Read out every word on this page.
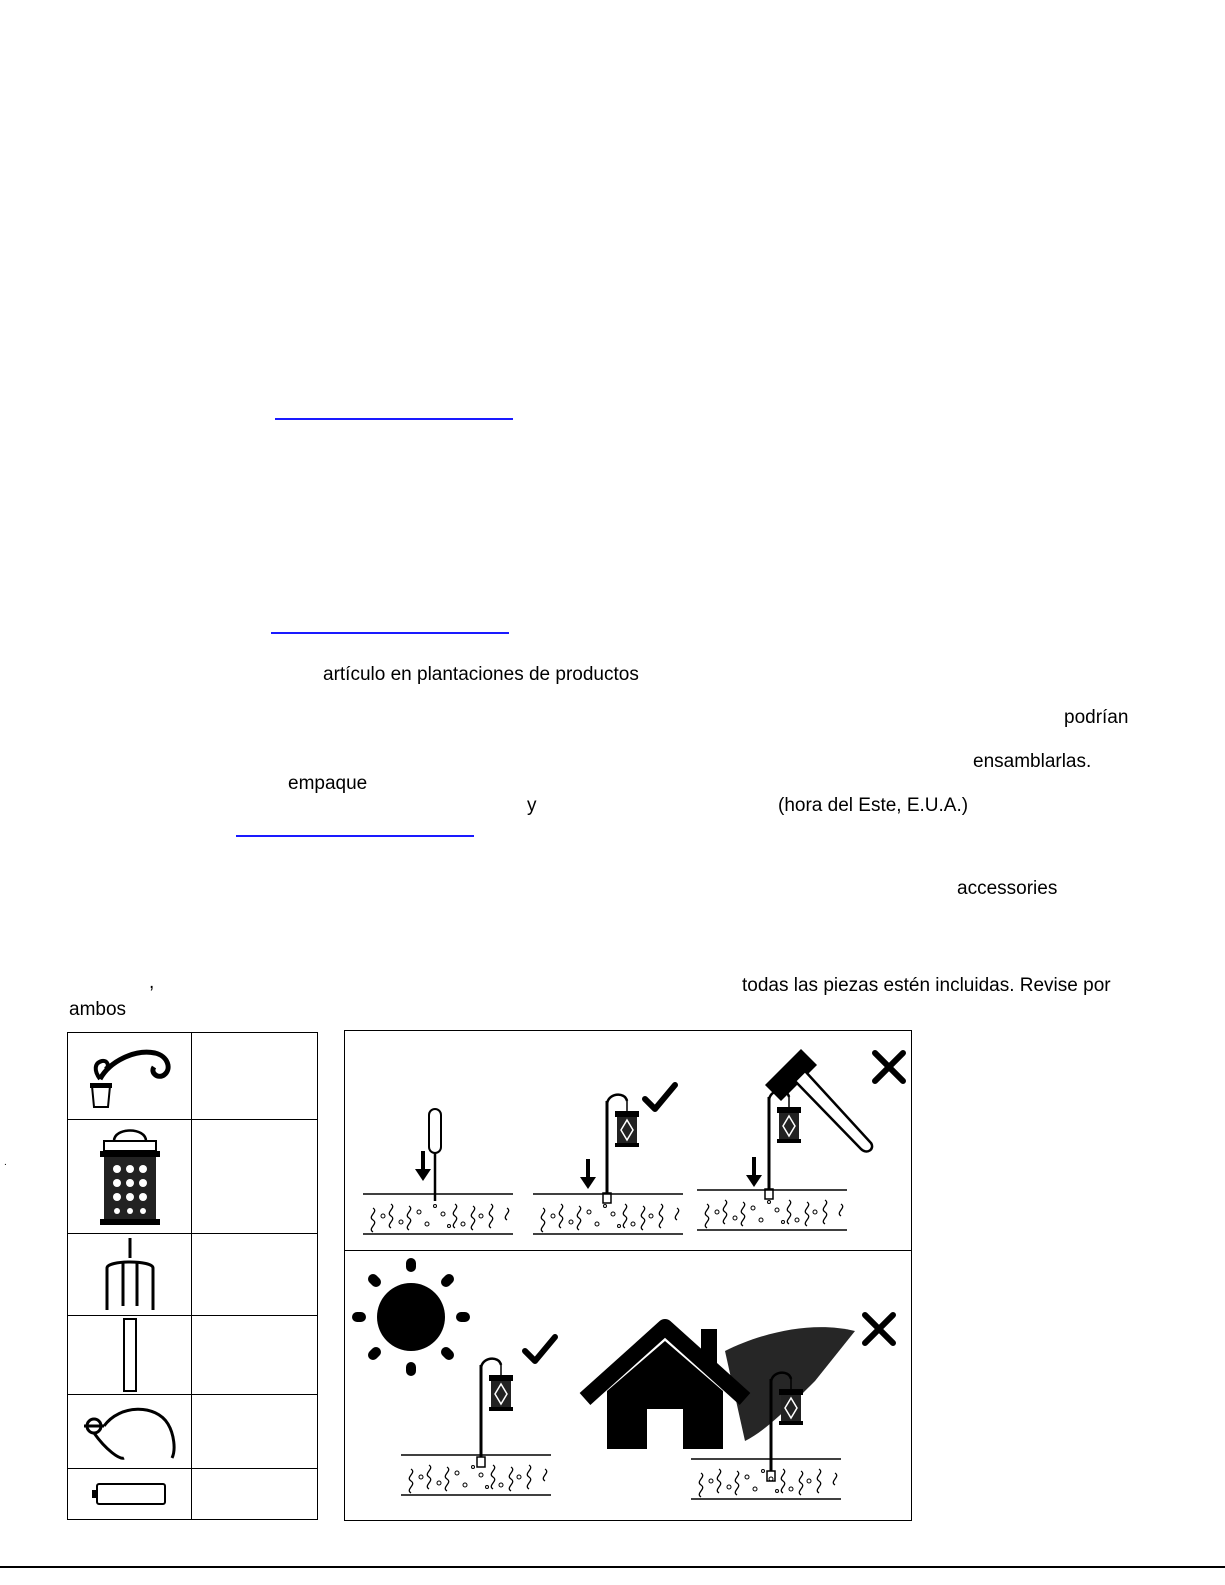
artículo en plantaciones de productos
podrían
ensamblarlas.
empaque
y	(hora del Este, E.U.A.)
accessories
,	todas las piezas estén incluidas. Revise por
ambos
.
